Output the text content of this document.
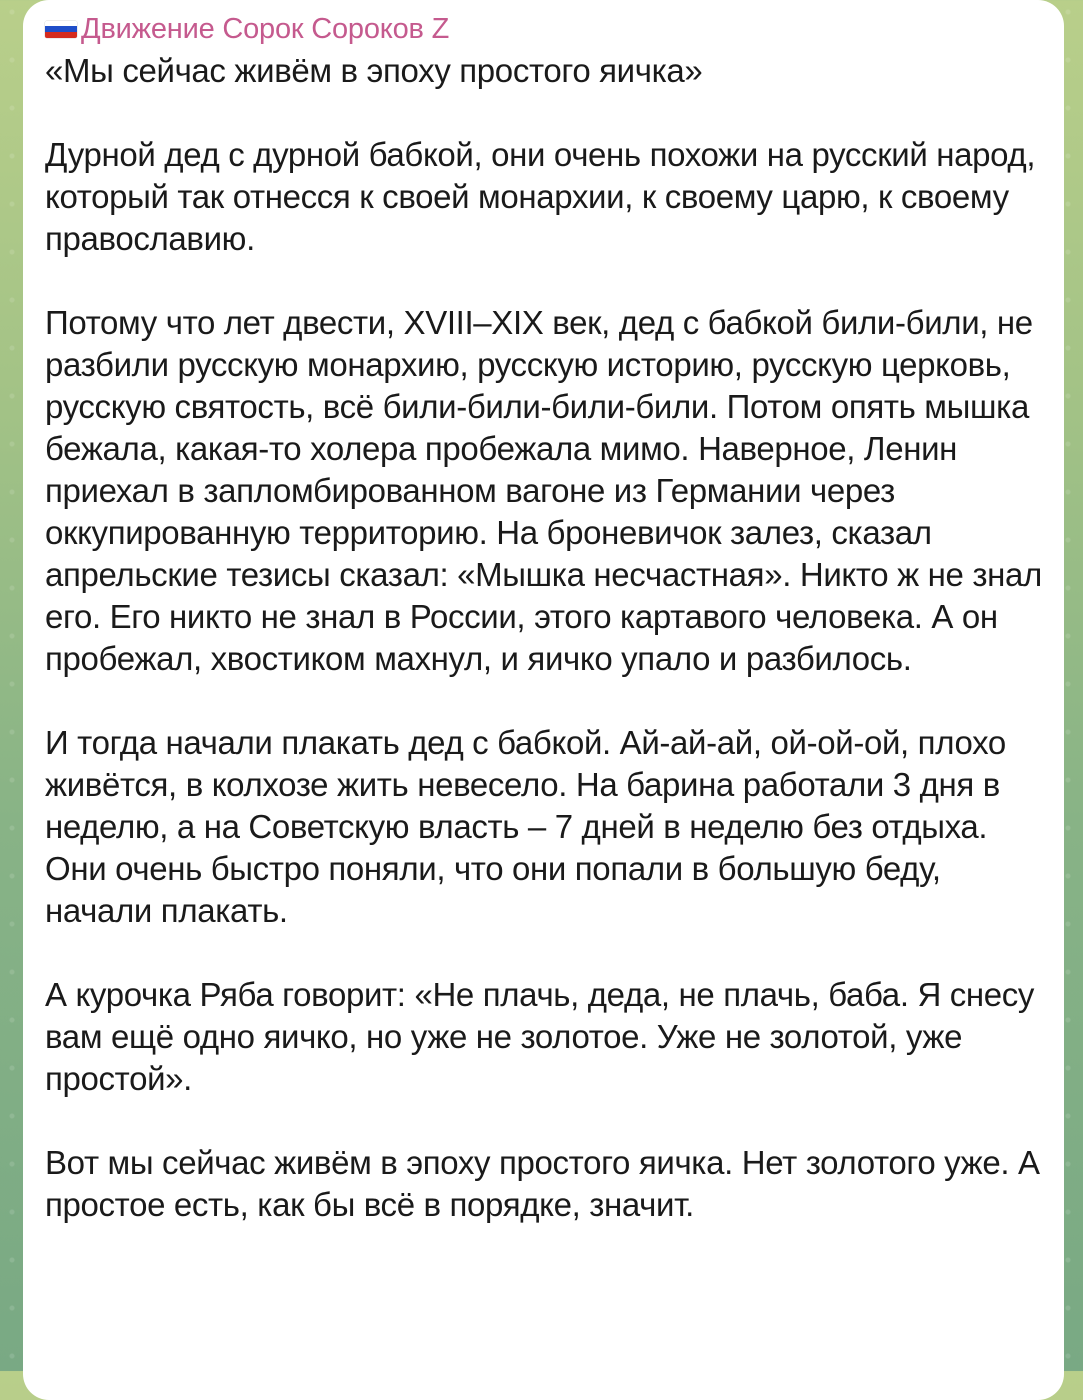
Движение Сорок Сороков Z

«Мы сейчас живём в эпоху простого яичка»

Дурной дед с дурной бабкой, они очень похожи на русский народ, который так отнесся к своей монархии, к своему царю, к своему православию.

Потому что лет двести, XVIII–XIX век, дед с бабкой били-били, не разбили русскую монархию, русскую историю, русскую церковь, русскую святость, всё били-били-били-били. Потом опять мышка бежала, какая-то холера пробежала мимо. Наверное, Ленин приехал в запломбированном вагоне из Германии через оккупированную территорию. На броневичок залез, сказал апрельские тезисы сказал: «Мышка несчастная». Никто ж не знал его. Его никто не знал в России, этого картавого человека. А он пробежал, хвостиком махнул, и яичко упало и разбилось.

И тогда начали плакать дед с бабкой. Ай-ай-ай, ой-ой-ой, плохо живётся, в колхозе жить невесело. На барина работали 3 дня в неделю, а на Советскую власть – 7 дней в неделю без отдыха. Они очень быстро поняли, что они попали в большую беду, начали плакать.

А курочка Ряба говорит: «Не плачь, деда, не плачь, баба. Я снесу вам ещё одно яичко, но уже не золотое. Уже не золотой, уже простой».

Вот мы сейчас живём в эпоху простого яичка. Нет золотого уже. А простое есть, как бы всё в порядке, значит.
